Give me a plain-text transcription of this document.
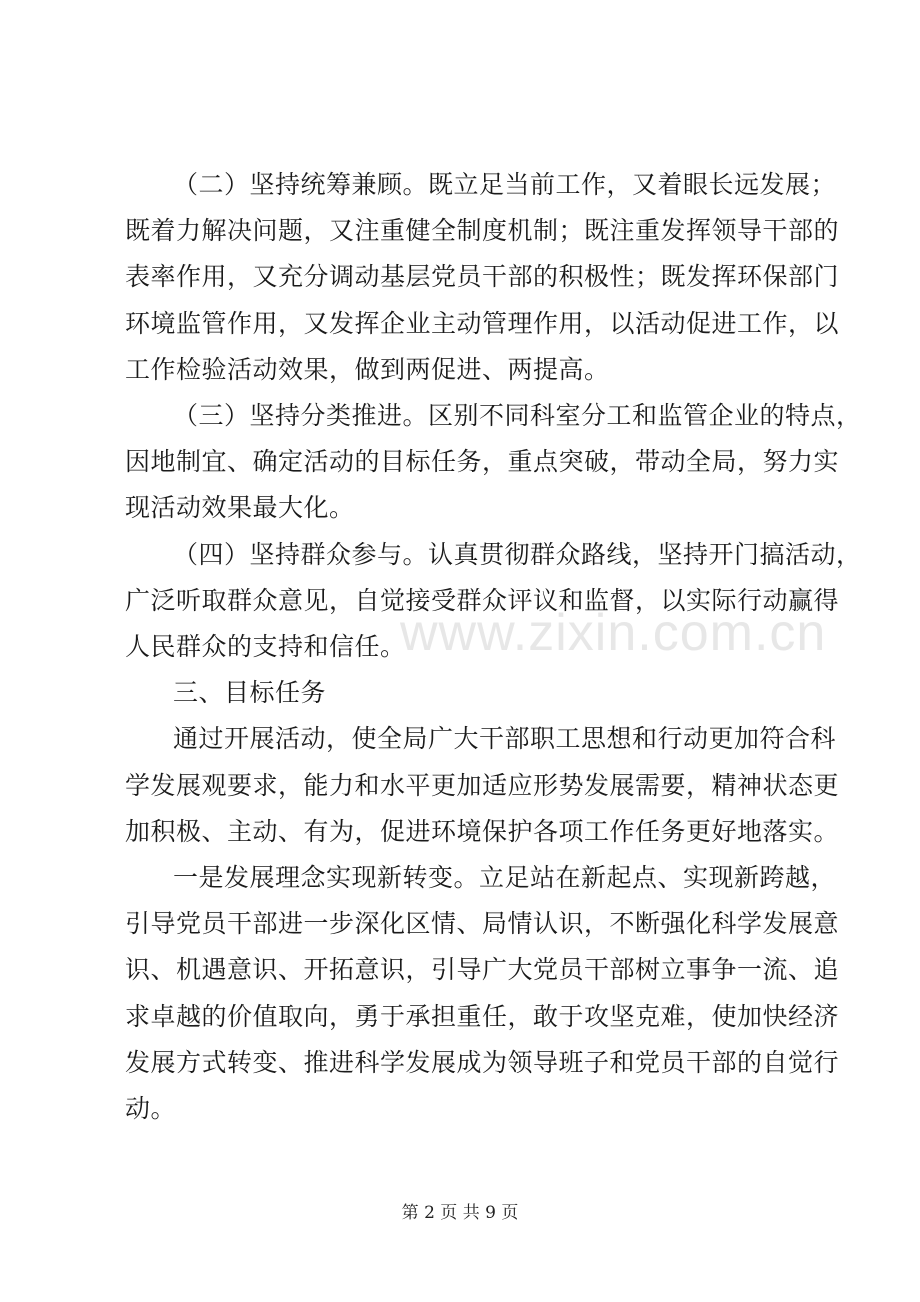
（二）坚持统筹兼顾。既立足当前工作，又着眼长远发展；
既着力解决问题，又注重健全制度机制；既注重发挥领导干部的
表率作用，又充分调动基层党员干部的积极性；既发挥环保部门
环境监管作用，又发挥企业主动管理作用，以活动促进工作，以
工作检验活动效果，做到两促进、两提高。
（三）坚持分类推进。区别不同科室分工和监管企业的特点，
因地制宜、确定活动的目标任务，重点突破，带动全局，努力实
现活动效果最大化。
（四）坚持群众参与。认真贯彻群众路线，坚持开门搞活动，
广泛听取群众意见，自觉接受群众评议和监督，以实际行动赢得
人民群众的支持和信任。
三、目标任务
通过开展活动，使全局广大干部职工思想和行动更加符合科
学发展观要求，能力和水平更加适应形势发展需要，精神状态更
加积极、主动、有为，促进环境保护各项工作任务更好地落实。
一是发展理念实现新转变。立足站在新起点、实现新跨越，
引导党员干部进一步深化区情、局情认识，不断强化科学发展意
识、机遇意识、开拓意识，引导广大党员干部树立事争一流、追
求卓越的价值取向，勇于承担重任，敢于攻坚克难，使加快经济
发展方式转变、推进科学发展成为领导班子和党员干部的自觉行
动。
www.zixin.com.cn
第 2 页 共 9 页
